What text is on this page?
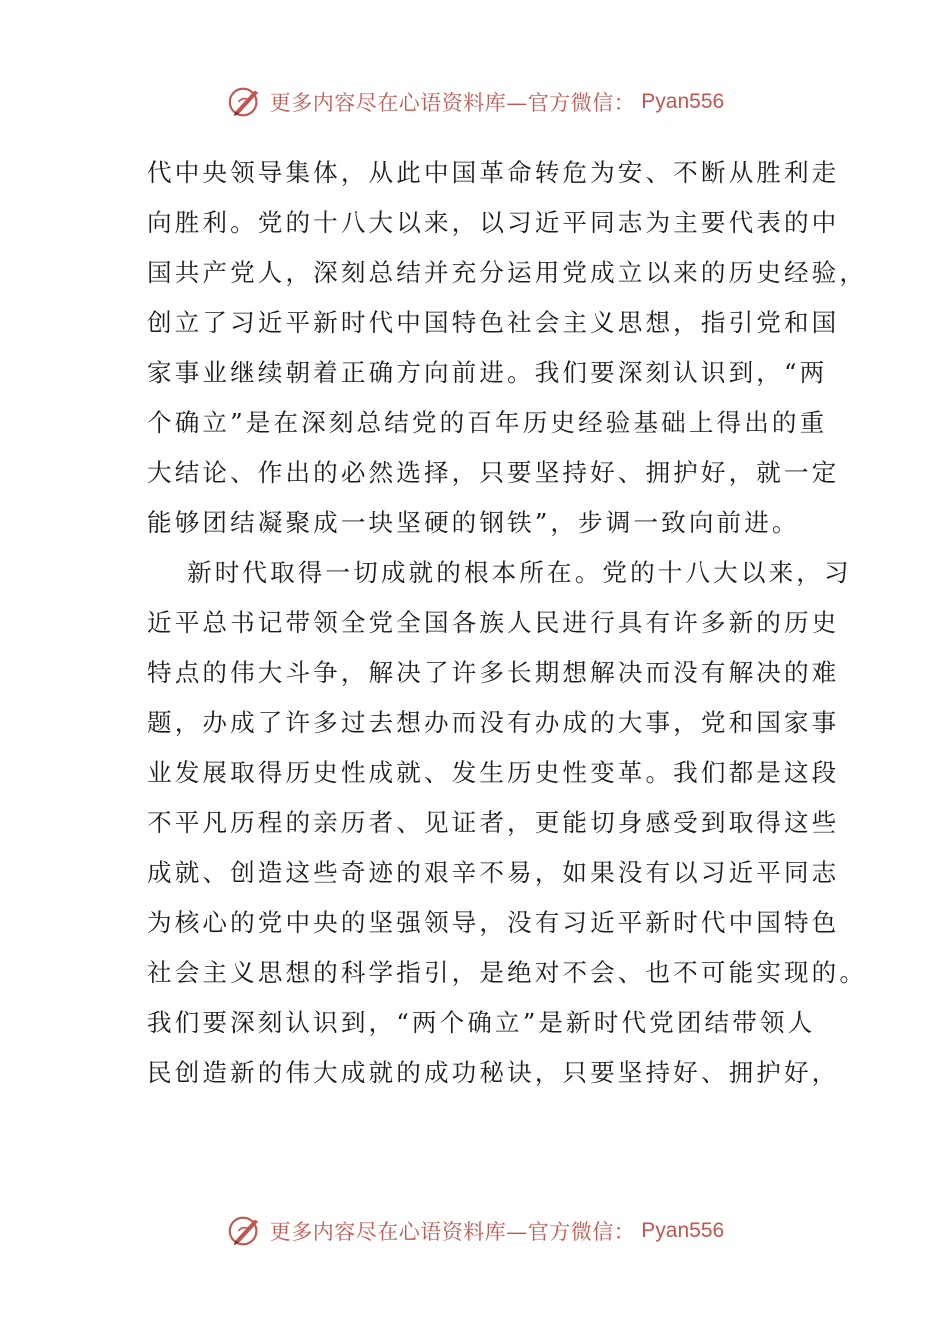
更多内容尽在心语资料库—官方微信： Pyan556
代中央领导集体，从此中国革命转危为安、不断从胜利走
向胜利。党的十八大以来，以习近平同志为主要代表的中
国共产党人，深刻总结并充分运用党成立以来的历史经验，
创立了习近平新时代中国特色社会主义思想，指引党和国
家事业继续朝着正确方向前进。我们要深刻认识到，“两
个确立”是在深刻总结党的百年历史经验基础上得出的重
大结论、作出的必然选择，只要坚持好、拥护好，就一定
能够团结凝聚成一块坚硬的钢铁”，步调一致向前进。
新时代取得一切成就的根本所在。党的十八大以来，习
近平总书记带领全党全国各族人民进行具有许多新的历史
特点的伟大斗争，解决了许多长期想解决而没有解决的难
题，办成了许多过去想办而没有办成的大事，党和国家事
业发展取得历史性成就、发生历史性变革。我们都是这段
不平凡历程的亲历者、见证者，更能切身感受到取得这些
成就、创造这些奇迹的艰辛不易，如果没有以习近平同志
为核心的党中央的坚强领导，没有习近平新时代中国特色
社会主义思想的科学指引，是绝对不会、也不可能实现的。
我们要深刻认识到，“两个确立”是新时代党团结带领人
民创造新的伟大成就的成功秘诀，只要坚持好、拥护好，
更多内容尽在心语资料库—官方微信： Pyan556
